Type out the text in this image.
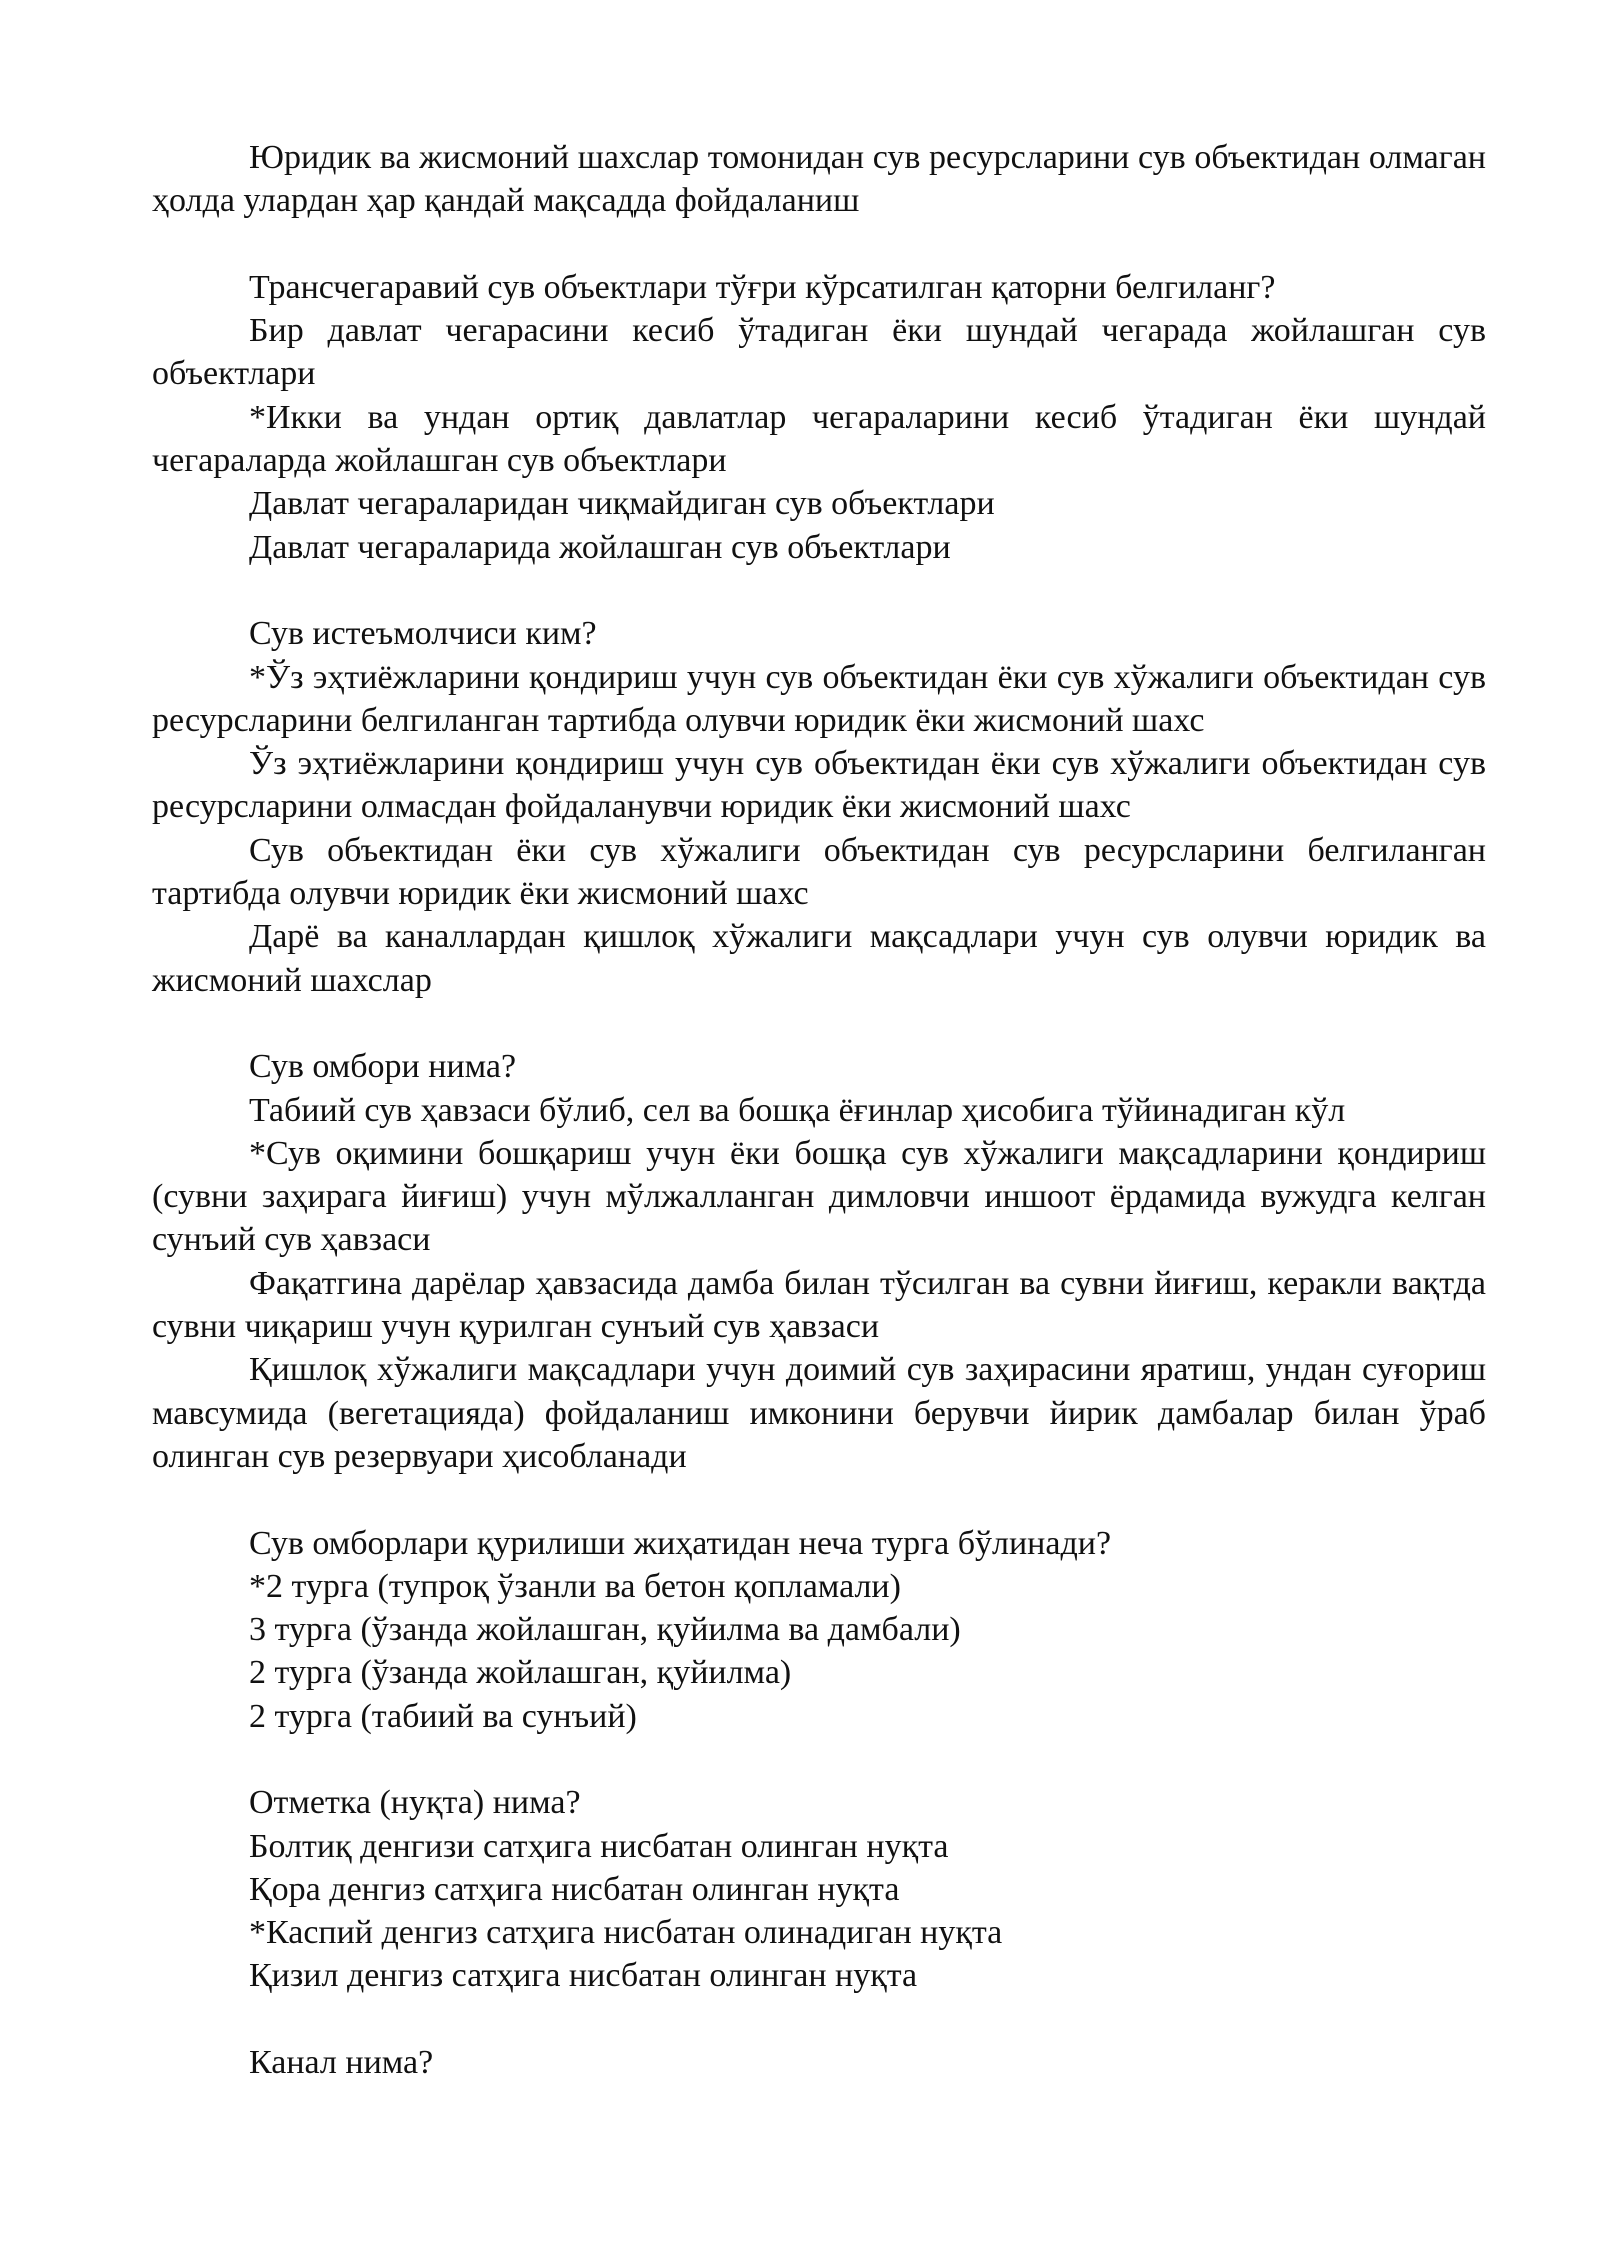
Юридик ва жисмоний шахслар томонидан сув ресурсларини сув объектидан олмаган ҳолда улардан ҳар қандай мақсадда фойдаланиш

Трансчегаравий сув объектлари тўғри кўрсатилган қаторни белгиланг?

Бир давлат чегарасини кесиб ўтадиган ёки шундай чегарада жойлашган сув объектлари

*Икки ва ундан ортиқ давлатлар чегараларини кесиб ўтадиган ёки шундай чегараларда жойлашган сув объектлари

Давлат чегараларидан чиқмайдиган сув объектлари

Давлат чегараларида жойлашган сув объектлари

Сув истеъмолчиси ким?

*Ўз эҳтиёжларини қондириш учун сув объектидан ёки сув хўжалиги объектидан сув ресурсларини белгиланган тартибда олувчи юридик ёки жисмоний шахс

Ўз эҳтиёжларини қондириш учун сув объектидан ёки сув хўжалиги объектидан сув ресурсларини олмасдан фойдаланувчи юридик ёки жисмоний шахс

Сув объектидан ёки сув хўжалиги объектидан сув ресурсларини белгиланган тартибда олувчи юридик ёки жисмоний шахс

Дарё ва каналлардан қишлоқ хўжалиги мақсадлари учун сув олувчи юридик ва жисмоний шахслар

Сув омбори нима?

Табиий сув ҳавзаси бўлиб, сел ва бошқа ёғинлар ҳисобига тўйинадиган кўл

*Сув оқимини бошқариш учун ёки бошқа сув хўжалиги мақсадларини қондириш (сувни заҳирага йиғиш) учун мўлжалланган димловчи иншоот ёрдамида вужудга келган сунъий сув ҳавзаси

Фақатгина дарёлар ҳавзасида дамба билан тўсилган ва сувни йиғиш, керакли вақтда сувни чиқариш учун қурилган сунъий сув ҳавзаси

Қишлоқ хўжалиги мақсадлари учун доимий сув заҳирасини яратиш, ундан суғориш мавсумида (вегетацияда) фойдаланиш имконини берувчи йирик дамбалар билан ўраб олинган сув резервуари ҳисобланади

Сув омборлари қурилиши жиҳатидан неча турга бўлинади?

*2 турга (тупроқ ўзанли ва бетон қопламали)

3 турга (ўзанда жойлашган, қуйилма ва дамбали)

2 турга (ўзанда жойлашган, қуйилма)

2 турга (табиий ва сунъий)

Отметка (нуқта) нима?

Болтиқ денгизи сатҳига нисбатан олинган нуқта

Қора денгиз сатҳига нисбатан олинган нуқта

*Каспий денгиз сатҳига нисбатан олинадиган нуқта

Қизил денгиз сатҳига нисбатан олинган нуқта

Канал нима?
